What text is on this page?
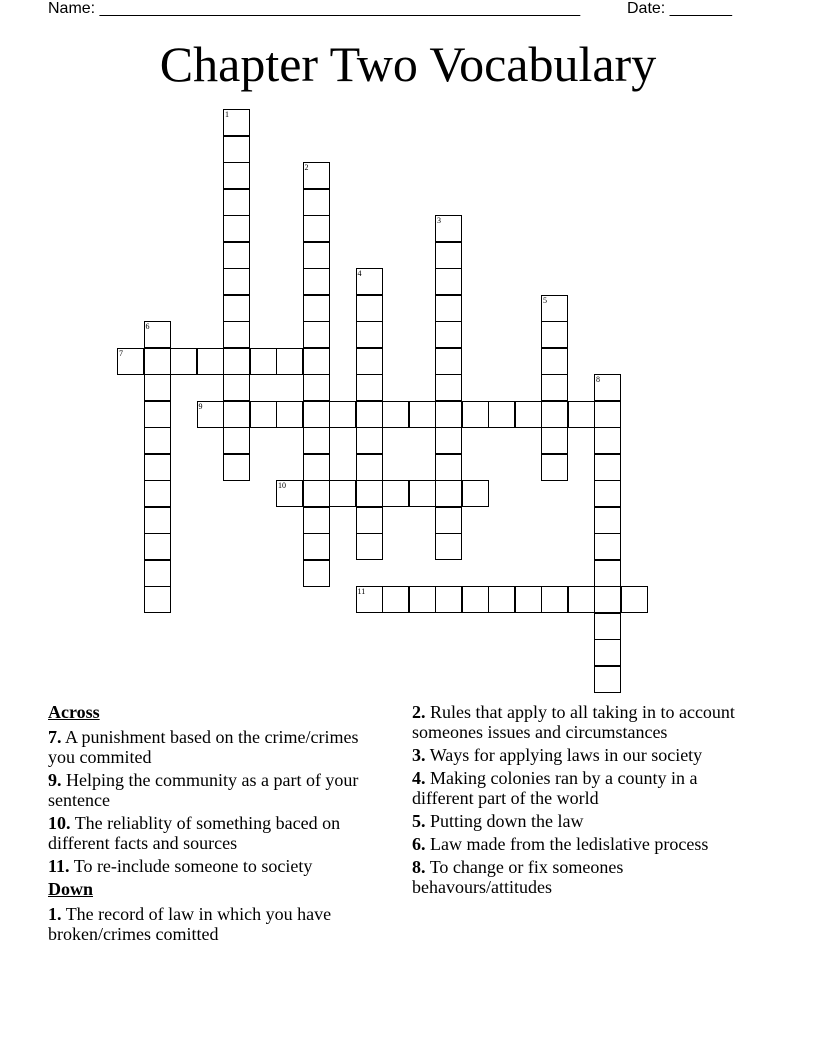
Name: ______________________________________________________	Date: _______
Chapter Two Vocabulary
7
9
10
11
1
2
3
4
5
6
8
Across
7. A punishment based on the crime/crimes you commited
9. Helping the community as a part of your sentence
10. The reliablity of something baced on different facts and sources
11. To re-include someone to society
Down
1. The record of law in which you have broken/crimes comitted
2. Rules that apply to all taking in to account someones issues and circumstances
3. Ways for applying laws in our society
4. Making colonies ran by a county in a different part of the world
5. Putting down the law
6. Law made from the ledislative process
8. To change or fix someones behavours/attitudes
